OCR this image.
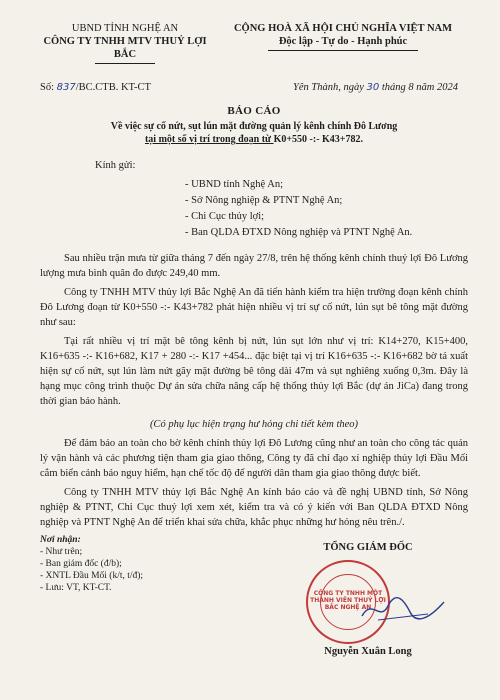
UBND TỈNH NGHỆ AN
CÔNG TY TNHH MTV THUỶ LỢI BẮC
CỘNG HOÀ XÃ HỘI CHỦ NGHĨA VIỆT NAM
Độc lập - Tự do - Hạnh phúc
Số: 837/BC.CTB. KT-CT	Yên Thành, ngày 30 tháng 8 năm 2024
BÁO CÁO
Về việc sự cố nứt, sụt lún mặt đường quản lý kênh chính Đô Lương
tại một số vị trí trong đoạn từ K0+550 -:- K43+782.
Kính gửi:
- UBND tỉnh Nghệ An;
- Sở Nông nghiệp & PTNT Nghệ An;
- Chi Cục thủy lợi;
- Ban QLDA ĐTXD Nông nghiệp và PTNT Nghệ An.

Sau nhiều trận mưa từ giữa tháng 7 đến ngày 27/8, trên hệ thống kênh chính thuỷ lợi Đô Lương lượng mưa bình quân đo được 249,40 mm.

Công ty TNHH MTV thủy lợi Bắc Nghệ An đã tiến hành kiểm tra hiện trường đoạn kênh chính Đô Lương đoạn từ K0+550 -:- K43+782 phát hiện nhiều vị trí sự cố nứt, lún sụt bê tông mặt đường như sau:

Tại rất nhiều vị trí mặt bê tông kênh bị nứt, lún sụt lớn như vị trí: K14+270, K15+400, K16+635 -:- K16+682, K17 + 280 -:- K17 +454... đặc biệt tại vị trí K16+635 -:- K16+682 bờ tả xuất hiện sự cố nứt, sụt lún làm nứt gãy mặt đường bê tông dài 47m và sụt nghiêng xuống 0,3m. Đây là hạng mục công trình thuộc Dự án sửa chữa nâng cấp hệ thống thủy lợi Bắc (dự án JiCa) đang trong thời gian bảo hành.

(Có phụ lục hiện trạng hư hỏng chi tiết kèm theo)

Để đảm bảo an toàn cho bờ kênh chính thủy lợi Đô Lương cũng như an toàn cho công tác quản lý vận hành và các phương tiện tham gia giao thông, Công ty đã chỉ đạo xí nghiệp thủy lợi Đầu Mối cắm biển cảnh báo nguy hiểm, hạn chế tốc độ để người dân tham gia giao thông được biết.

Công ty TNHH MTV thủy lợi Bắc Nghệ An kính báo cáo và đề nghị UBND tỉnh, Sở Nông nghiệp & PTNT, Chi Cục thuỷ lợi xem xét, kiểm tra và có ý kiến với Ban QLDA ĐTXD Nông nghiệp và PTNT Nghệ An để triển khai sửa chữa, khắc phục những hư hỏng nêu trên./.

Nơi nhận:
- Như trên;
- Ban giám đốc (đ/b);
- XNTL Đầu Mối (k/t, t/đ);
- Lưu: VT, KT-CT.
TỔNG GIÁM ĐỐC
CÔNG TY TNHH MỘT THÀNH VIÊN THUỶ LỢI BẮC NGHỆ AN
Nguyễn Xuân Long
